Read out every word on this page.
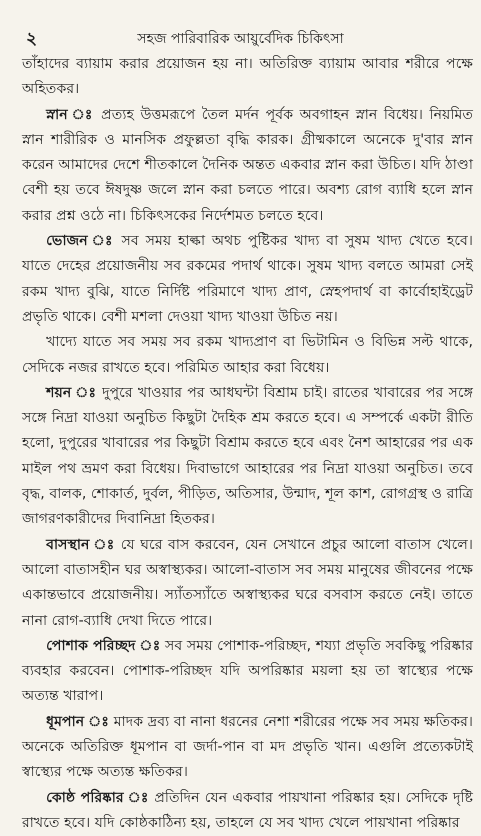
২	সহজ পারিবারিক আয়ুর্বেদিক চিকিৎসা

তাঁহাদের ব্যায়াম করার প্রয়োজন হয় না। অতিরিক্ত ব্যায়াম আবার শরীরে পক্ষে অহিতকর।

স্নান ঃ প্রত্যহ উত্তমরূপে তৈল মর্দন পূর্বক অবগাহন স্নান বিধেয়। নিয়মিত স্নান শারীরিক ও মানসিক প্রফুল্লতা বৃদ্ধি কারক। গ্রীষ্মকালে অনেকে দু'বার স্নান করেন আমাদের দেশে শীতকালে দৈনিক অন্তত একবার স্নান করা উচিত। যদি ঠাণ্ডা বেশী হয় তবে ঈষদুষ্ণ জলে স্নান করা চলতে পারে। অবশ্য রোগ ব্যাধি হলে স্নান করার প্রশ্ন ওঠে না। চিকিৎসকের নির্দেশমত চলতে হবে।

ভোজন ঃ সব সময় হাল্কা অথচ পুষ্টিকর খাদ্য বা সুষম খাদ্য খেতে হবে। যাতে দেহের প্রয়োজনীয় সব রকমের পদার্থ থাকে। সুষম খাদ্য বলতে আমরা সেই রকম খাদ্য বুঝি, যাতে নির্দিষ্ট পরিমাণে খাদ্য প্রাণ, স্নেহপদার্থ বা কার্বোহাইড্রেট প্রভৃতি থাকে। বেশী মশলা দেওয়া খাদ্য খাওয়া উচিত নয়।

খাদ্যে যাতে সব সময় সব রকম খাদ্যপ্রাণ বা ভিটামিন ও বিভিন্ন সল্ট থাকে, সেদিকে নজর রাখতে হবে। পরিমিত আহার করা বিধেয়।

শয়ন ঃ দুপুরে খাওয়ার পর আধঘন্টা বিশ্রাম চাই। রাতের খাবারের পর সঙ্গে সঙ্গে নিদ্রা যাওয়া অনুচিত কিছুটা দৈহিক শ্রম করতে হবে। এ সম্পর্কে একটা রীতি হলো, দুপুরের খাবারের পর কিছুটা বিশ্রাম করতে হবে এবং নৈশ আহারের পর এক মাইল পথ ভ্রমণ করা বিধেয়। দিবাভাগে আহারের পর নিদ্রা যাওয়া অনুচিত। তবে বৃদ্ধ, বালক, শোকার্ত, দুর্বল, পীড়িত, অতিসার, উন্মাদ, শূল কাশ, রোগগ্রস্থ ও রাত্রি জাগরণকারীদের দিবানিদ্রা হিতকর।

বাসস্থান ঃ যে ঘরে বাস করবেন, যেন সেখানে প্রচুর আলো বাতাস খেলে। আলো বাতাসহীন ঘর অস্বাস্থ্যকর। আলো-বাতাস সব সময় মানুষের জীবনের পক্ষে একান্তভাবে প্রয়োজনীয়। স্যাঁতস্যাঁতে অস্বাস্থ্যকর ঘরে বসবাস করতে নেই। তাতে নানা রোগ-ব্যাধি দেখা দিতে পারে।

পোশাক পরিচ্ছদ ঃ সব সময় পোশাক-পরিচ্ছদ, শয্যা প্রভৃতি সবকিছু পরিষ্কার ব্যবহার করবেন। পোশাক-পরিচ্ছদ যদি অপরিষ্কার ময়লা হয় তা স্বাস্থ্যের পক্ষে অত্যন্ত খারাপ।

ধূমপান ঃ মাদক দ্রব্য বা নানা ধরনের নেশা শরীরের পক্ষে সব সময় ক্ষতিকর। অনেকে অতিরিক্ত ধূমপান বা জর্দা-পান বা মদ প্রভৃতি খান। এগুলি প্রত্যেকটাই স্বাস্থ্যের পক্ষে অত্যন্ত ক্ষতিকর।

কোষ্ঠ পরিষ্কার ঃ প্রতিদিন যেন একবার পায়খানা পরিষ্কার হয়। সেদিকে দৃষ্টি রাখতে হবে। যদি কোষ্ঠকাঠিন্য হয়, তাহলে যে সব খাদ্য খেলে পায়খানা পরিষ্কার
